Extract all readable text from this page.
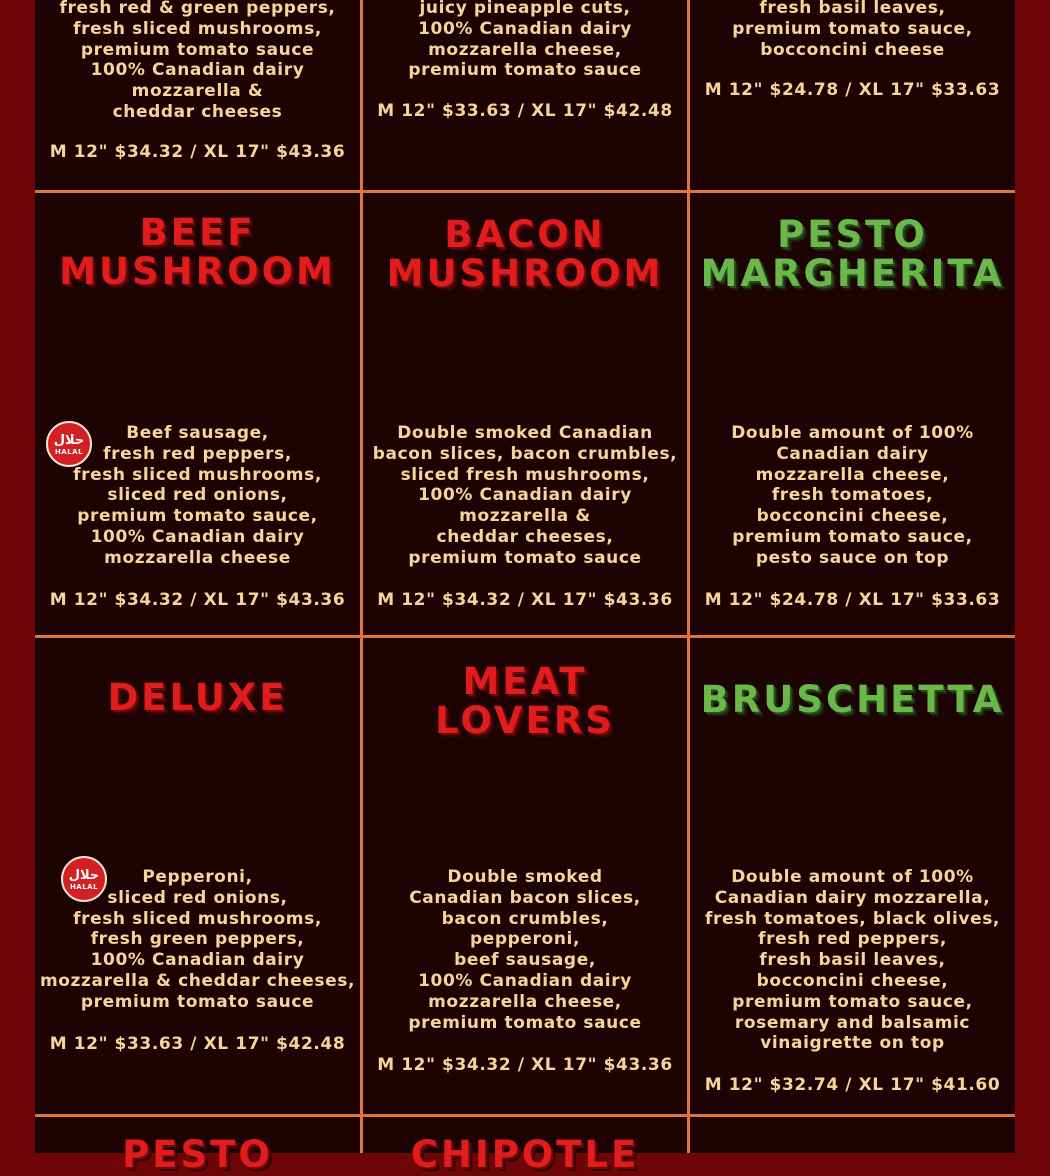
fresh red & green peppers,
fresh sliced mushrooms,
premium tomato sauce
100% Canadian dairy
mozzarella &
cheddar cheeses
M 12" $34.32 / XL 17" $43.36
juicy pineapple cuts,
100% Canadian dairy
mozzarella cheese,
premium tomato sauce
M 12" $33.63 / XL 17" $42.48
fresh basil leaves,
premium tomato sauce,
bocconcini cheese
M 12" $24.78 / XL 17" $33.63
BEEF
MUSHROOM
حلال
HALAL
Beef sausage,
fresh red peppers,
fresh sliced mushrooms,
sliced red onions,
premium tomato sauce,
100% Canadian dairy
mozzarella cheese
M 12" $34.32 / XL 17" $43.36
BACON
MUSHROOM
Double smoked Canadian
bacon slices, bacon crumbles,
sliced fresh mushrooms,
100% Canadian dairy
mozzarella &
cheddar cheeses,
premium tomato sauce
M 12" $34.32 / XL 17" $43.36
PESTO
MARGHERITA
Double amount of 100%
Canadian dairy
mozzarella cheese,
fresh tomatoes,
bocconcini cheese,
premium tomato sauce,
pesto sauce on top
M 12" $24.78 / XL 17" $33.63
DELUXE
حلال
HALAL	Pepperoni,
sliced red onions,
fresh sliced mushrooms,
fresh green peppers,
100% Canadian dairy
mozzarella & cheddar cheeses,
premium tomato sauce
M 12" $33.63 / XL 17" $42.48
MEAT
LOVERS
Double smoked
Canadian bacon slices,
bacon crumbles,
pepperoni,
beef sausage,
100% Canadian dairy
mozzarella cheese,
premium tomato sauce
M 12" $34.32 / XL 17" $43.36
BRUSCHETTA
Double amount of 100%
Canadian dairy mozzarella,
fresh tomatoes, black olives,
fresh red peppers,
fresh basil leaves,
bocconcini cheese,
premium tomato sauce,
rosemary and balsamic
vinaigrette on top
M 12" $32.74 / XL 17" $41.60
PESTO	CHIPOTLE
